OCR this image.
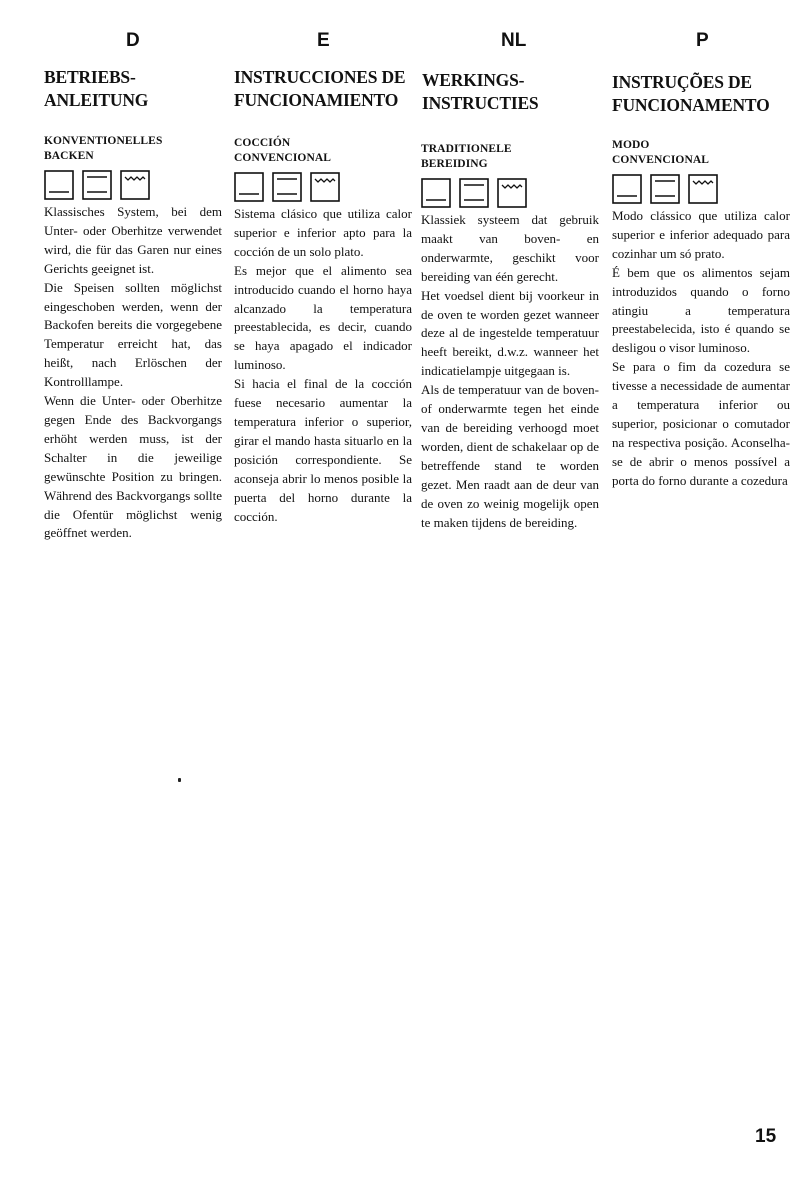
D
BETRIEBS-
ANLEITUNG
KONVENTIONELLES
BACKEN

Klassisches System, bei dem Unter- oder Oberhitze verwendet wird, die für das Garen nur eines Gerichts geeignet ist.

Die Speisen sollten möglichst eingeschoben werden, wenn der Backofen bereits die vorgegebene Temperatur erreicht hat, das heißt, nach Erlöschen der Kontrolllampe.

Wenn die Unter- oder Oberhitze gegen Ende des Backvorgangs erhöht werden muss, ist der Schalter in die jeweilige gewünschte Position zu bringen. Während des Backvorgangs sollte die Ofentür möglichst wenig geöffnet werden.

E
INSTRUCCIONES DE
FUNCIONAMIENTO
COCCIÓN
CONVENCIONAL

Sistema clásico que utiliza calor superior e inferior apto para la cocción de un solo plato.

Es mejor que el alimento sea introducido cuando el horno haya alcanzado la temperatura preestablecida, es decir, cuando se haya apagado el indicador luminoso.

Si hacia el final de la cocción fuese necesario aumentar la temperatura inferior o superior, girar el mando hasta situarlo en la posición correspondiente. Se aconseja abrir lo menos posible la puerta del horno durante la cocción.

NL
WERKINGS-
INSTRUCTIES
TRADITIONELE
BEREIDING

Klassiek systeem dat gebruik maakt van boven- en onderwarmte, geschikt voor bereiding van één gerecht.

Het voedsel dient bij voorkeur in de oven te worden gezet wanneer deze al de ingestelde temperatuur heeft bereikt, d.w.z. wanneer het indicatielampje uitgegaan is.

Als de temperatuur van de boven- of onderwarmte tegen het einde van de bereiding verhoogd moet worden, dient de schakelaar op de betreffende stand te worden gezet. Men raadt aan de deur van de oven zo weinig mogelijk open te maken tijdens de bereiding.

P
INSTRUÇÕES DE
FUNCIONAMENTO
MODO
CONVENCIONAL

Modo clássico que utiliza calor superior e inferior adequado para cozinhar um só prato.

É bem que os alimentos sejam introduzidos quando o forno atingiu a temperatura preestabelecida, isto é quando se desligou o visor luminoso.

Se para o fim da cozedura se tivesse a necessidade de aumentar a temperatura inferior ou superior, posicionar o comutador na respectiva posição. Aconselha-se de abrir o menos possível a porta do forno durante a cozedura

15
